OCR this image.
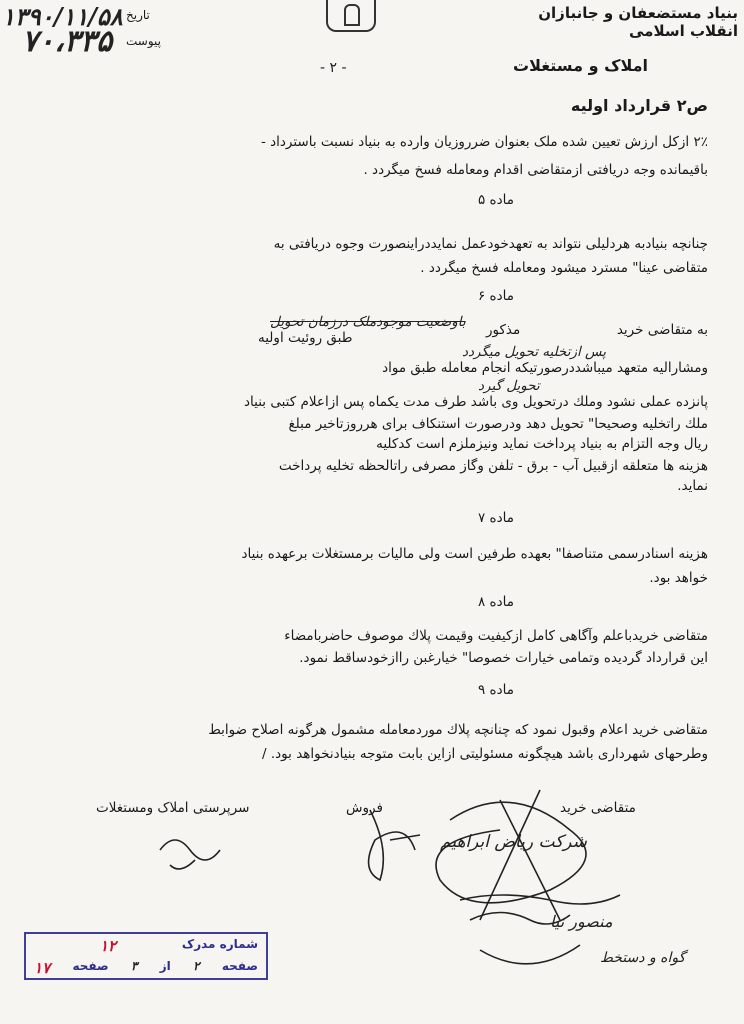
۱۳۹۰/۱۱/۵۸
۷۰،۳۳۵
تاریخ
پیوست
بنیاد مستضعفان و جانبازان انقلاب اسلامی
املاک و مستغلات
- ۲ -
ص۲ قرارداد اولیه
۲٪ ازکل ارزش تعیین شده ملک بعنوان ضرروزیان وارده به بنیاد نسبت باسترداد -
باقیمانده وجه دریافتی ازمتقاضی اقدام ومعامله فسخ میگردد .
ماده ۵
چنانچه بنیادبه هردلیلی نتواند به تعهدخودعمل نمایددراینصورت وجوه دریافتی به
متقاضی عینا" مسترد میشود ومعامله فسخ میگردد .
ماده ۶
مذکور
باوضعیت موجودملک درزمان تحویل	به متقاضی خرید
طبق روئیت اولیه
پس ازتخلیه تحویل میگردد
ومشاراليه متعهد میباشددرصورتیکه انجام معامله طبق مواد
تحویل گیرد
پانزده عملی نشود وملك درتحویل وی باشد طرف مدت یکماه پس ازاعلام کتبی بنیاد
ملك راتخلیه وصحیحا" تحویل دهد ودرصورت استنکاف برای هرروزتاخیر مبلغ
ریال وجه التزام به بنیاد پرداخت نماید ونیزملزم است کدکلیه
هزینه ها متعلقه ازقبیل آب - برق - تلفن وگاز مصرفی راتالحظه تخلیه پرداخت
نماید.
ماده ۷
هزینه اسنادرسمی متناصفا" بعهده طرفین است ولی مالیات برمستغلات برعهده بنیاد
خواهد بود.
ماده ۸
متقاضی خریدباعلم وآگاهی کامل ازکیفیت وقیمت پلاك موصوف حاضربامضاء
این قرارداد گردیده وتمامی خیارات خصوصا" خیارغبن راازخودساقط نمود.
ماده ۹
متقاضی خرید اعلام وقبول نمود که چنانچه پلاك موردمعامله مشمول هرگونه اصلاح ضوابط
وطرحهای شهرداری باشد هیچگونه مسئولیتی ازاین بابت متوجه بنیادنخواهد بود. /
سرپرستی املاک ومستغلات	فروش	متقاضی خرید
شرکت ریاض ابراهیم
منصور نیا
گواه و دستخط
شماره مدرک
۱۲
صفحه
۲
از
۳
صفحه
۱۷
